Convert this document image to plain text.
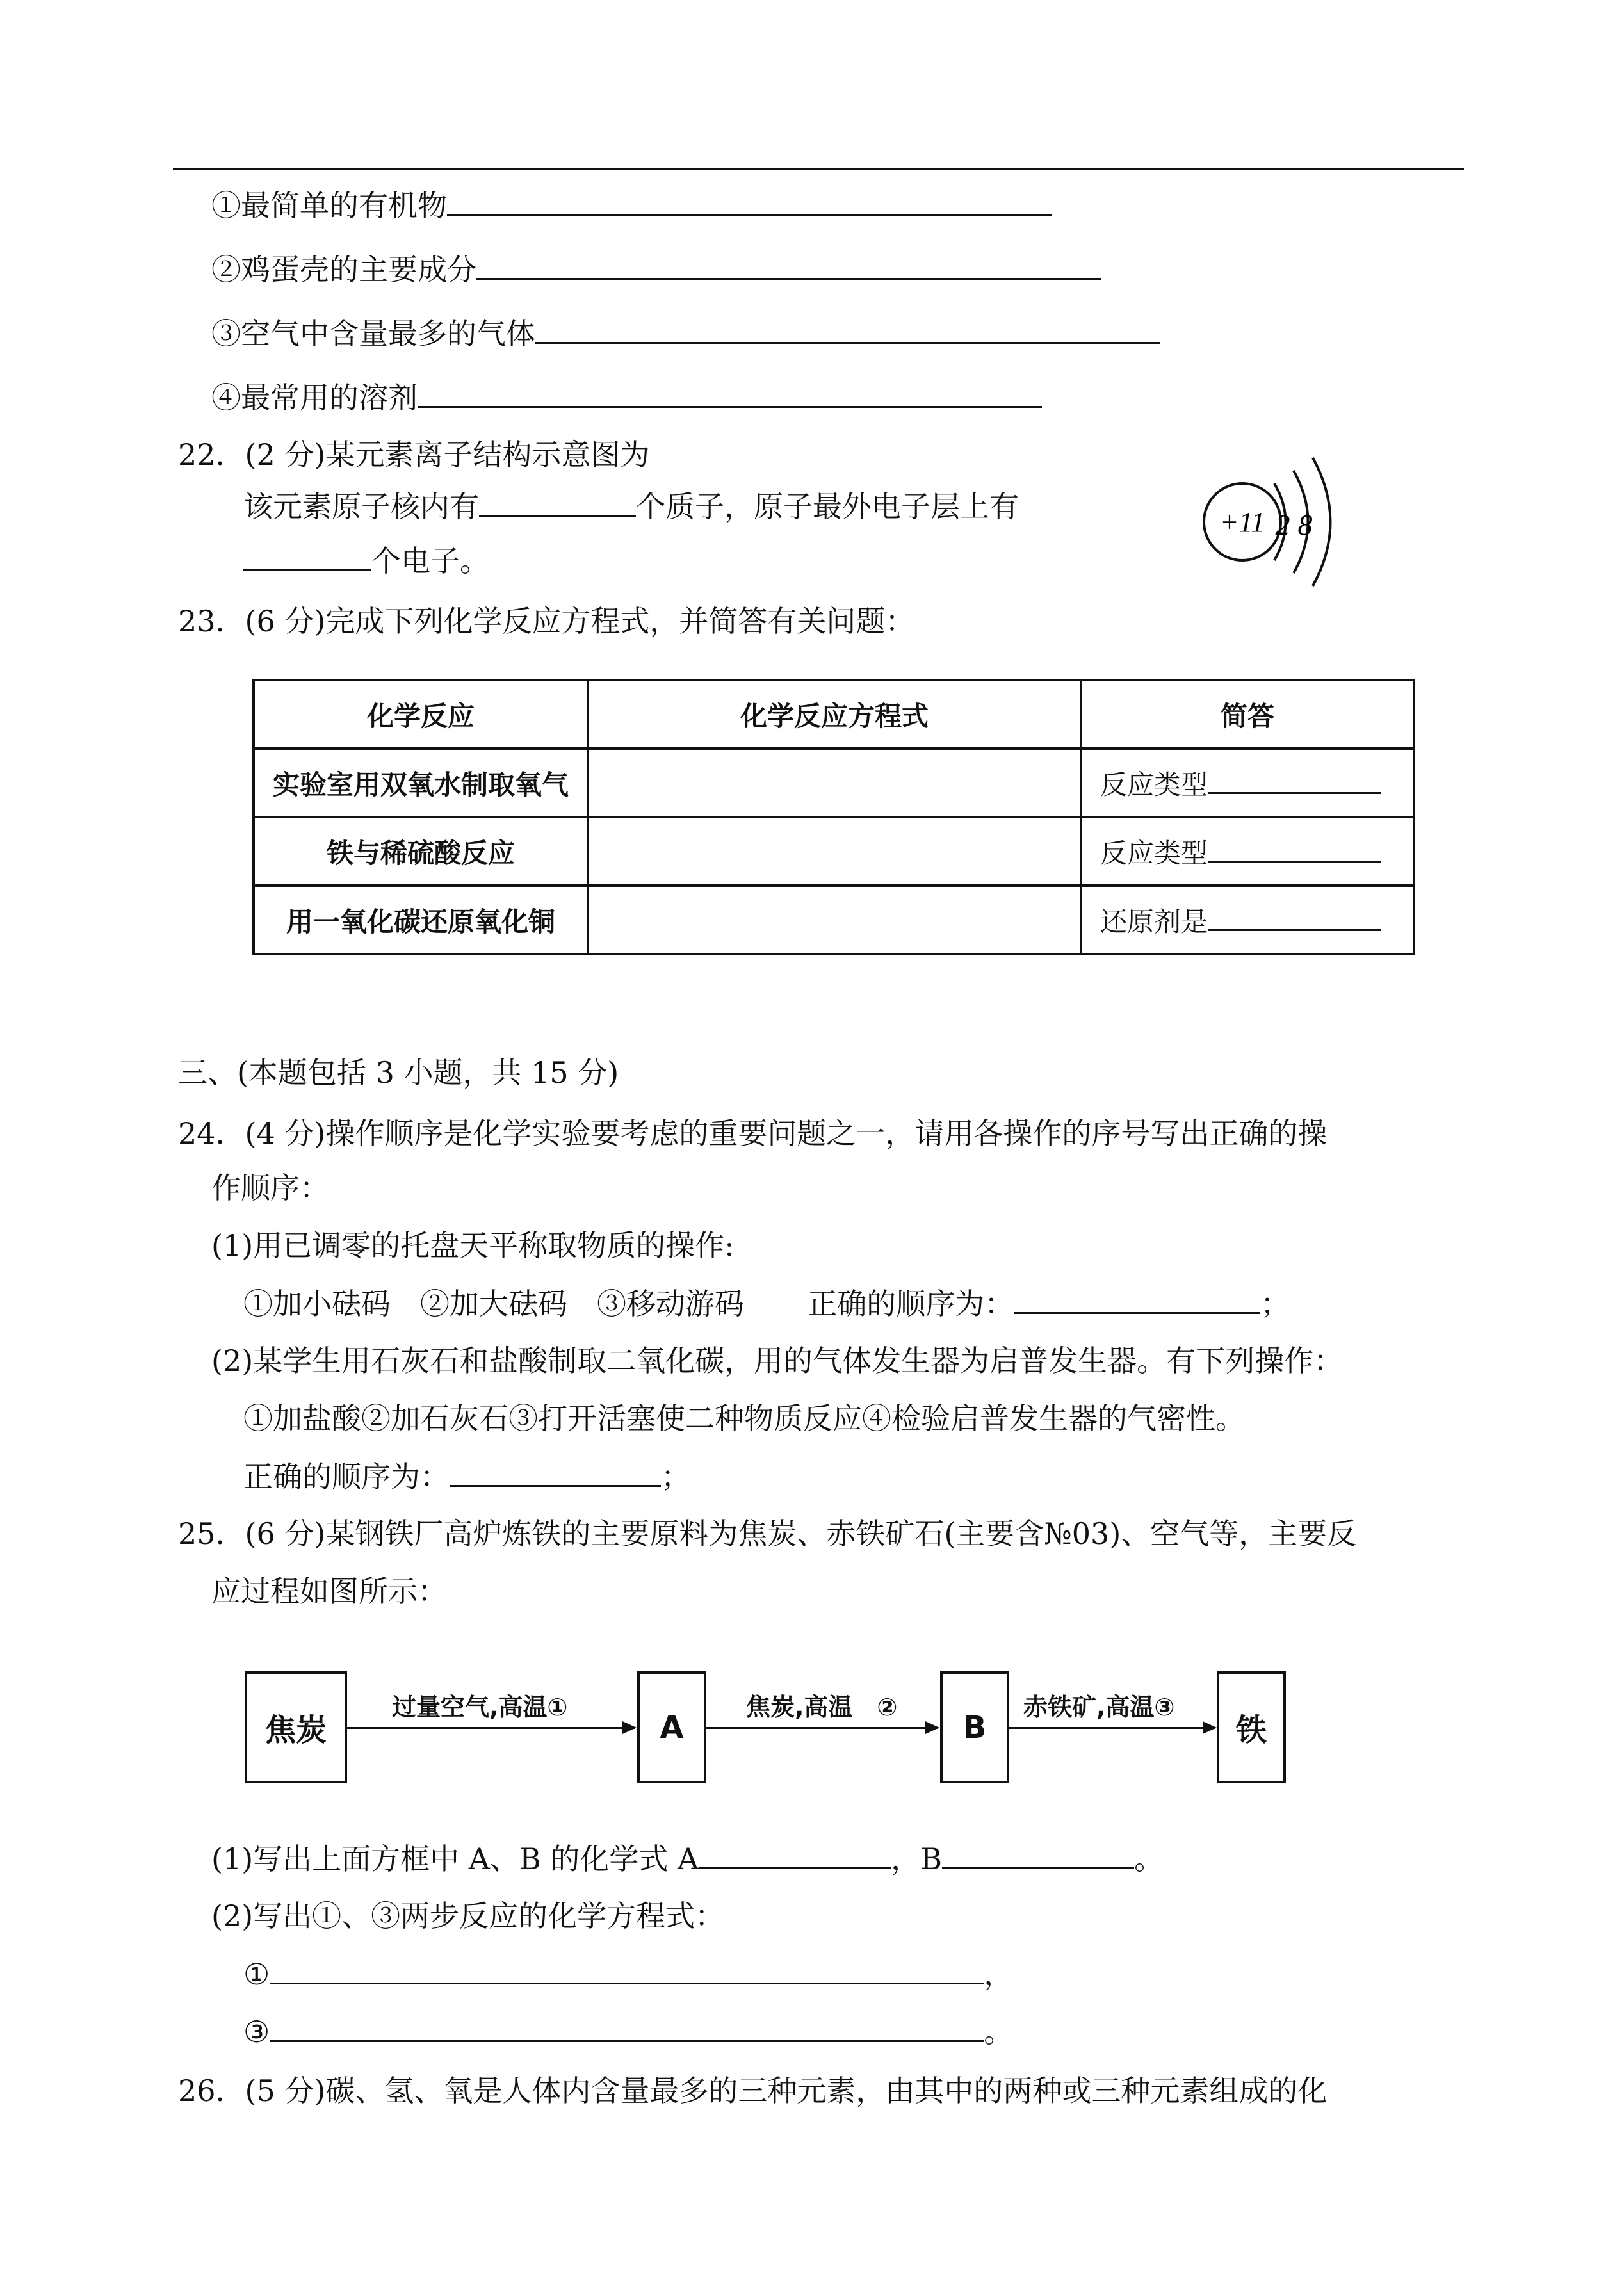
①最简单的有机物
②鸡蛋壳的主要成分
③空气中含量最多的气体
④最常用的溶剂
22．(2 分)某元素离子结构示意图为
该元素原子核内有	个质子，原子最外电子层上有
个电子。
+11 2 8
23．(6 分)完成下列化学反应方程式，并简答有关问题：
化学反应	化学反应方程式	简答
实验室用双氧水制取氧气		反应类型
铁与稀硫酸反应		反应类型
用一氧化碳还原氧化铜		还原剂是
三、(本题包括 3 小题，共 15 分)
24．(4 分)操作顺序是化学实验要考虑的重要问题之一，请用各操作的序号写出正确的操
作顺序：
(1)用已调零的托盘天平称取物质的操作:
①加小砝码　②加大砝码　③移动游码 正确的顺序为：	；
(2)某学生用石灰石和盐酸制取二氧化碳，用的气体发生器为启普发生器。有下列操作：
①加盐酸②加石灰石③打开活塞使二种物质反应④检验启普发生器的气密性。
正确的顺序为：	；
25．(6 分)某钢铁厂高炉炼铁的主要原料为焦炭、赤铁矿石(主要含№03)、空气等，主要反
应过程如图所示：
焦炭
过量空气,高温①
A
焦炭,高温　②
B
赤铁矿,高温③
铁
(1)写出上面方框中 A、B 的化学式 A	，B	。
(2)写出①、③两步反应的化学方程式：
①	，
③	。
26．(5 分)碳、氢、氧是人体内含量最多的三种元素，由其中的两种或三种元素组成的化
